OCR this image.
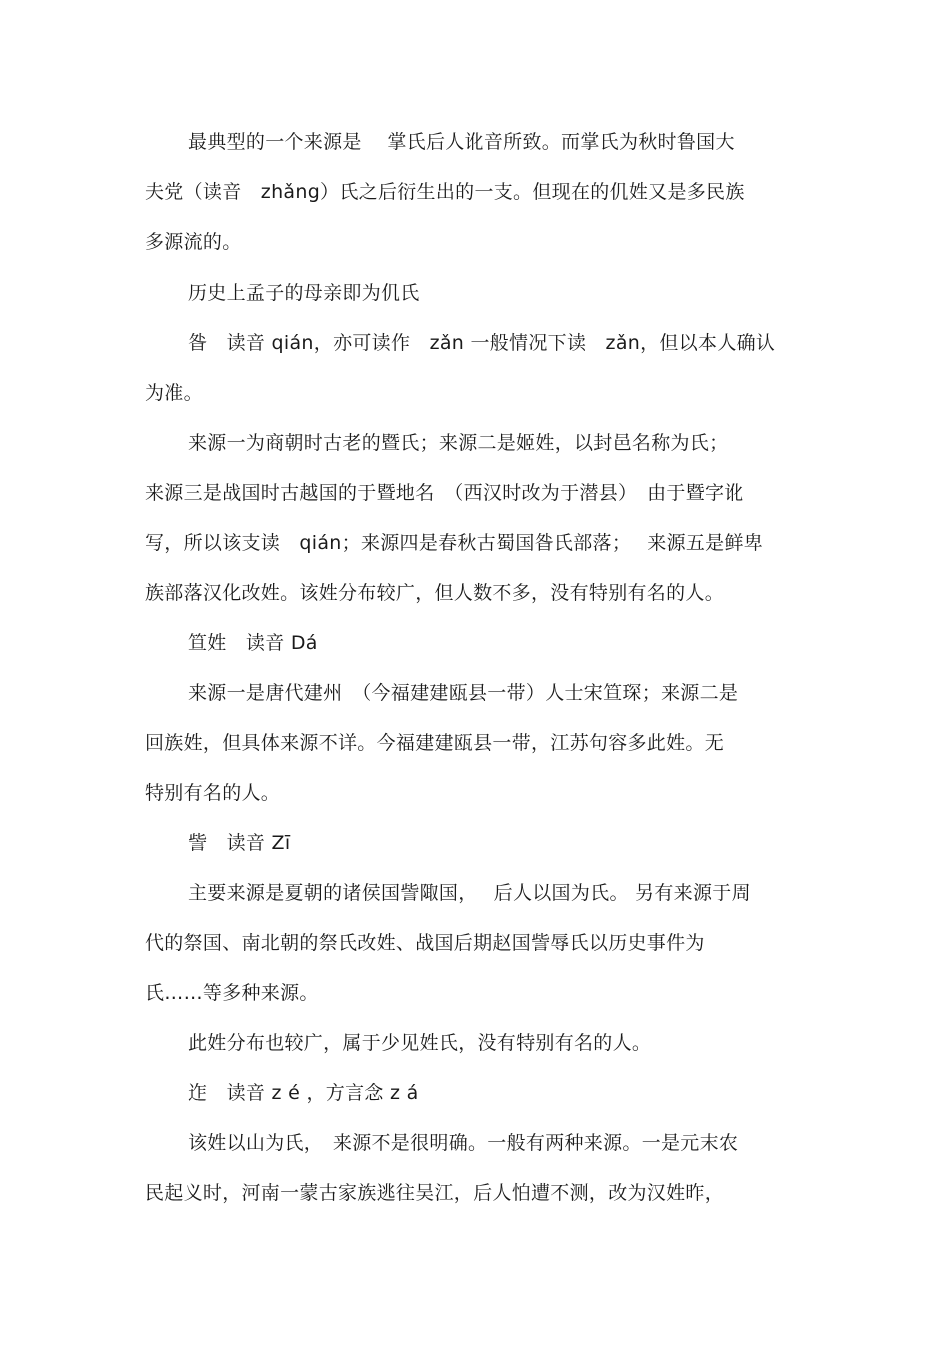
最典型的一个来源是　 掌氏后人讹音所致。而掌氏为秋时鲁国大
夫党（读音　zhǎng）氏之后衍生出的一支。但现在的仉姓又是多民族
多源流的。
历史上孟子的母亲即为仉氏
昝　读音 qián，亦可读作　zǎn 一般情况下读　zǎn，但以本人确认
为准。
来源一为商朝时古老的暨氏；来源二是姬姓，以封邑名称为氏；
来源三是战国时古越国的于暨地名　（西汉时改为于潜县）　由于暨字讹
写，所以该支读　qián；来源四是春秋古蜀国昝氏部落；　 来源五是鲜卑
族部落汉化改姓。该姓分布较广，但人数不多，没有特别有名的人。
笪姓　读音 Dá
来源一是唐代建州　（今福建建瓯县一带）人士宋笪琛；来源二是
回族姓，但具体来源不详。今福建建瓯县一带，江苏句容多此姓。无
特别有名的人。
訾　读音 Zī
主要来源是夏朝的诸侯国訾陬国，　 后人以国为氏。 另有来源于周
代的祭国、南北朝的祭氏改姓、战国后期赵国訾辱氏以历史事件为
氏……等多种来源。
此姓分布也较广，属于少见姓氏，没有特别有名的人。
迮　读音 z é ，方言念 z á
该姓以山为氏，　来源不是很明确。一般有两种来源。一是元末农
民起义时，河南一蒙古家族逃往吴江，后人怕遭不测，改为汉姓昨，
